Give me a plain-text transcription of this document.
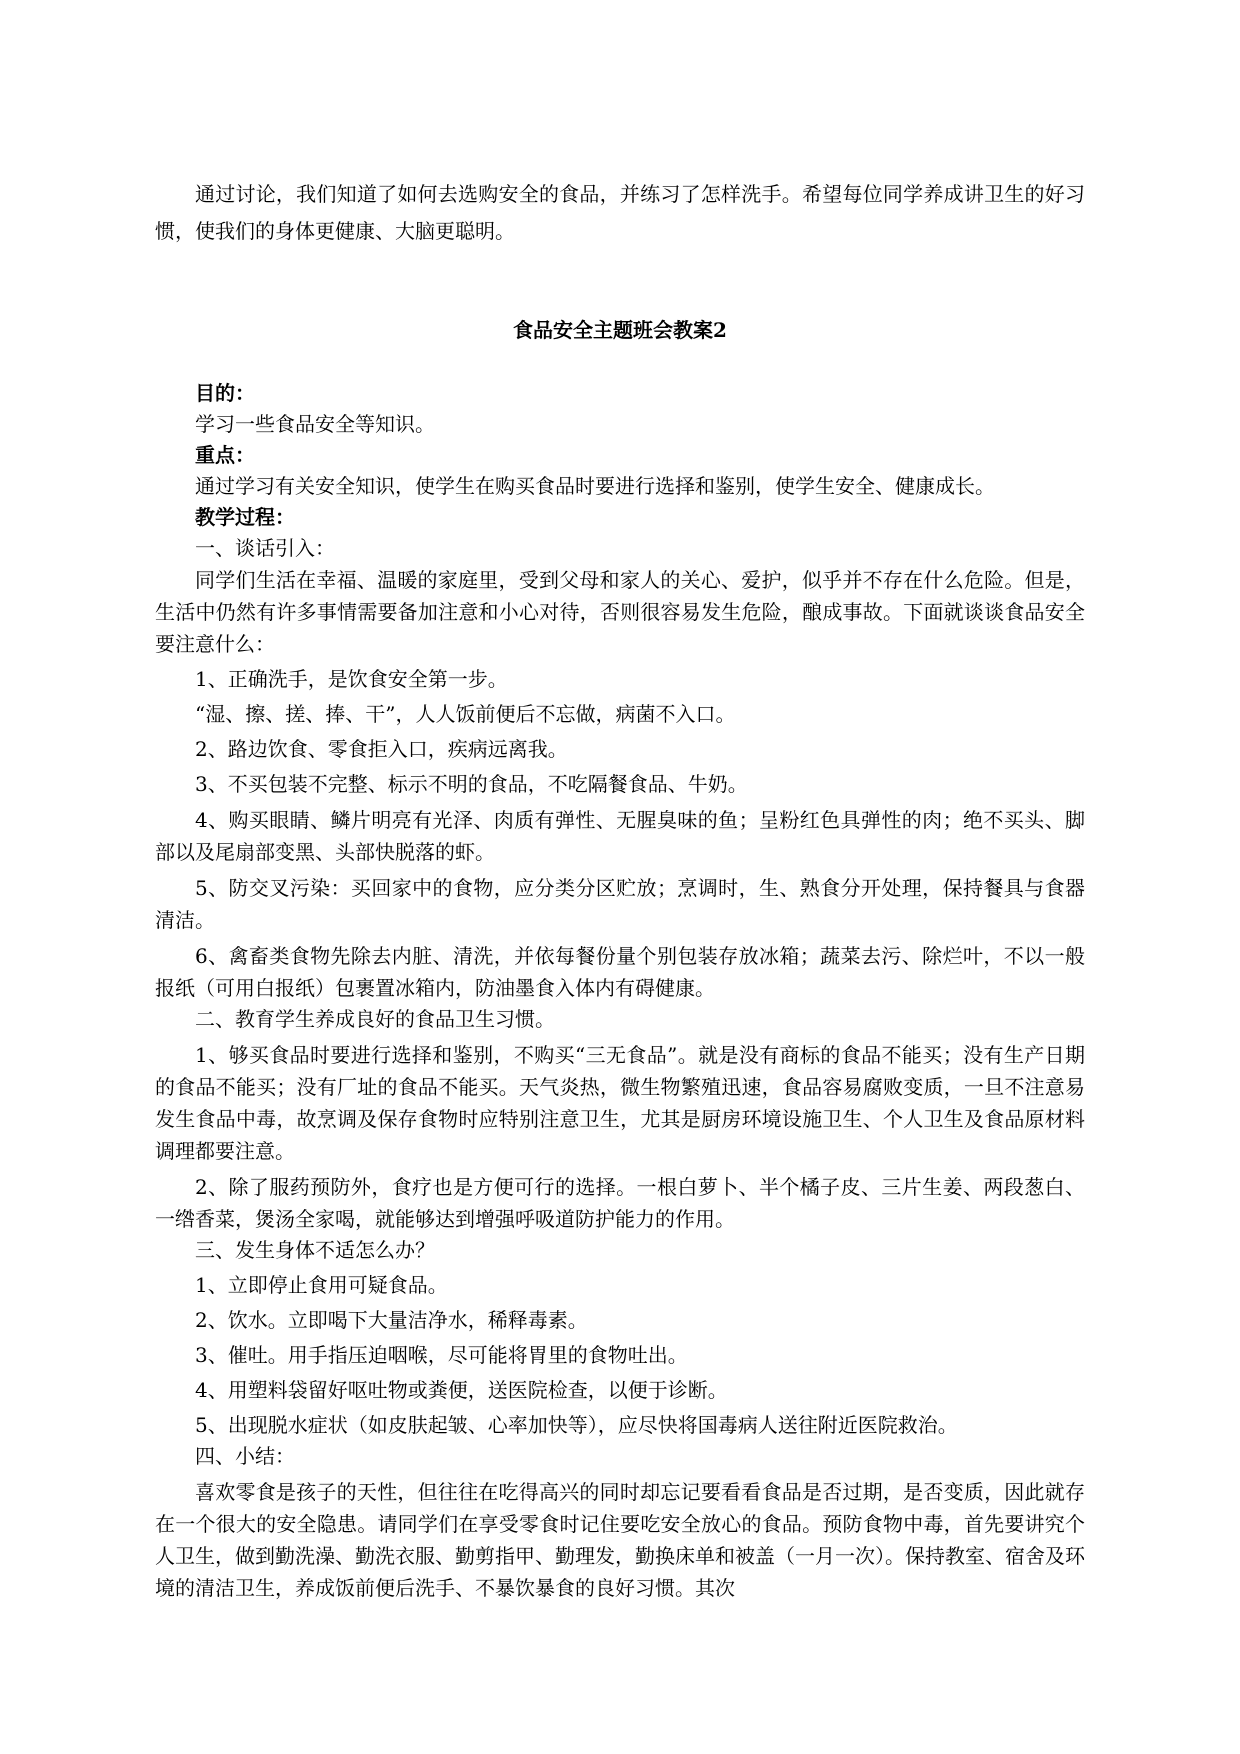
通过讨论，我们知道了如何去选购安全的食品，并练习了怎样洗手。希望每位同学养成讲卫生的好习惯，使我们的身体更健康、大脑更聪明。

食品安全主题班会教案2

目的：

学习一些食品安全等知识。

重点：

通过学习有关安全知识，使学生在购买食品时要进行选择和鉴别，使学生安全、健康成长。

教学过程：

一、谈话引入：

同学们生活在幸福、温暖的家庭里，受到父母和家人的关心、爱护，似乎并不存在什么危险。但是，生活中仍然有许多事情需要备加注意和小心对待，否则很容易发生危险，酿成事故。下面就谈谈食品安全要注意什么：

1、正确洗手，是饮食安全第一步。

“湿、擦、搓、捧、干”，人人饭前便后不忘做，病菌不入口。

2、路边饮食、零食拒入口，疾病远离我。

3、不买包装不完整、标示不明的食品，不吃隔餐食品、牛奶。

4、购买眼睛、鳞片明亮有光泽、肉质有弹性、无腥臭味的鱼；呈粉红色具弹性的肉；绝不买头、脚部以及尾扇部变黑、头部快脱落的虾。

5、防交叉污染：买回家中的食物，应分类分区贮放；烹调时，生、熟食分开处理，保持餐具与食器清洁。

6、禽畜类食物先除去内脏、清洗，并依每餐份量个别包装存放冰箱；蔬菜去污、除烂叶，不以一般报纸（可用白报纸）包裹置冰箱内，防油墨食入体内有碍健康。

二、教育学生养成良好的食品卫生习惯。

1、够买食品时要进行选择和鉴别，不购买“三无食品”。就是没有商标的食品不能买；没有生产日期的食品不能买；没有厂址的食品不能买。天气炎热，微生物繁殖迅速，食品容易腐败变质，一旦不注意易发生食品中毒，故烹调及保存食物时应特别注意卫生，尤其是厨房环境设施卫生、个人卫生及食品原材料调理都要注意。

2、除了服药预防外，食疗也是方便可行的选择。一根白萝卜、半个橘子皮、三片生姜、两段葱白、一绺香菜，煲汤全家喝，就能够达到增强呼吸道防护能力的作用。

三、发生身体不适怎么办？

1、立即停止食用可疑食品。

2、饮水。立即喝下大量洁净水，稀释毒素。

3、催吐。用手指压迫咽喉，尽可能将胃里的食物吐出。

4、用塑料袋留好呕吐物或粪便，送医院检查，以便于诊断。

5、出现脱水症状（如皮肤起皱、心率加快等），应尽快将国毒病人送往附近医院救治。

四、小结：

喜欢零食是孩子的天性，但往往在吃得高兴的同时却忘记要看看食品是否过期，是否变质，因此就存在一个很大的安全隐患。请同学们在享受零食时记住要吃安全放心的食品。预防食物中毒，首先要讲究个人卫生，做到勤洗澡、勤洗衣服、勤剪指甲、勤理发，勤换床单和被盖（一月一次）。保持教室、宿舍及环境的清洁卫生，养成饭前便后洗手、不暴饮暴食的良好习惯。其次
